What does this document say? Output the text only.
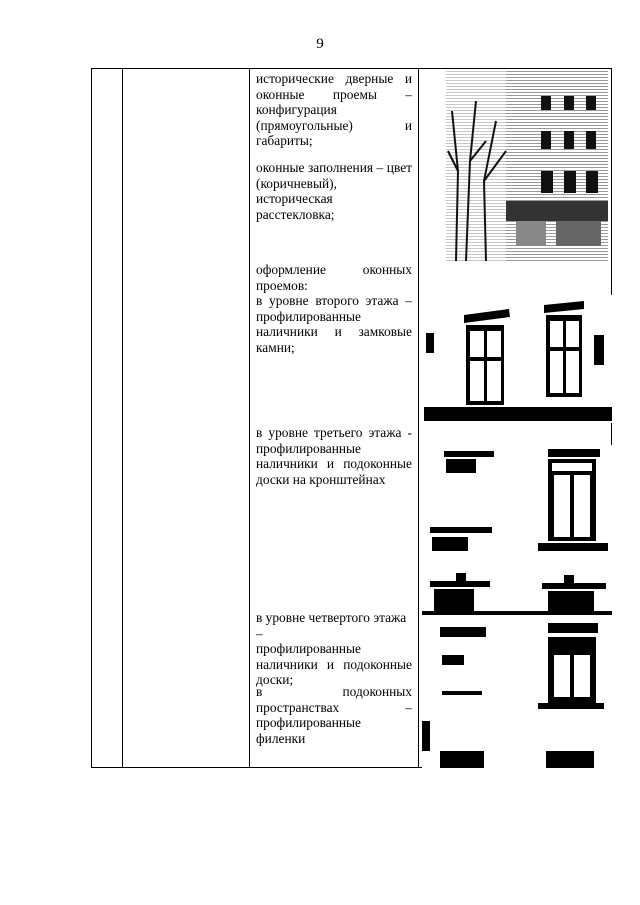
9

исторические дверные и

оконные проемы –

конфигурация

(прямоугольные) и

габариты;

оконные заполнения – цвет

(коричневый), историческая

расстекловка;

оформление оконных

проемов:

в уровне второго этажа –

профилированные

наличники и замковые

камни;

в уровне третьего этажа -

профилированные

наличники и подоконные

доски на кронштейнах

в уровне четвертого этажа –

профилированные

наличники и подоконные

доски;

в подоконных

пространствах –

профилированные филенки
